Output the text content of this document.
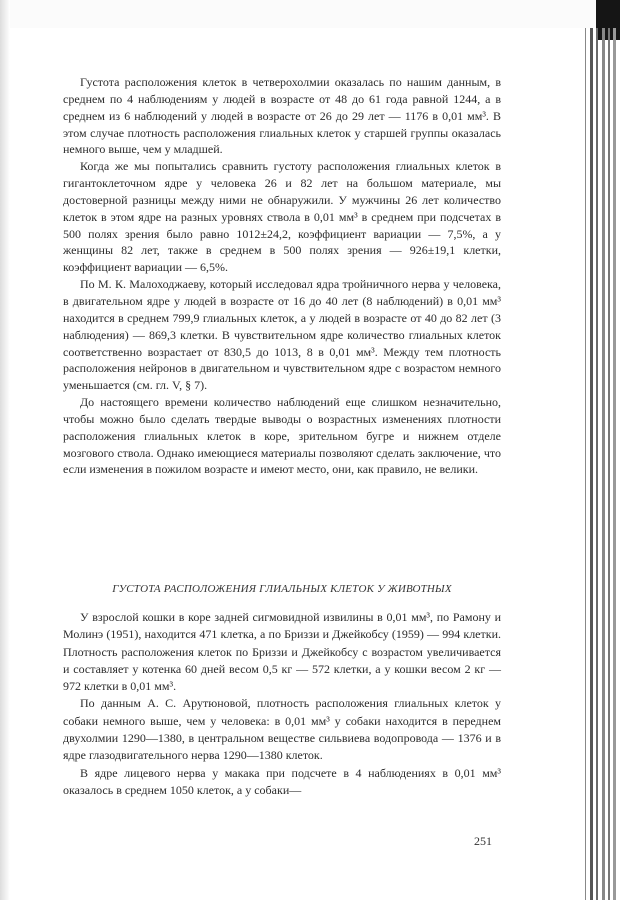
Густота расположения клеток в четверохолмии оказалась по нашим данным, в среднем по 4 наблюдениям у людей в возрасте от 48 до 61 года равной 1244, а в среднем из 6 наблюдений у людей в возрасте от 26 до 29 лет — 1176 в 0,01 мм³. В этом случае плотность расположения глиальных клеток у старшей группы оказалась немного выше, чем у младшей.

Когда же мы попытались сравнить густоту расположения глиальных клеток в гигантоклеточном ядре у человека 26 и 82 лет на большом материале, мы достоверной разницы между ними не обнаружили. У мужчины 26 лет количество клеток в этом ядре на разных уровнях ствола в 0,01 мм³ в среднем при подсчетах в 500 полях зрения было равно 1012±24,2, коэффициент вариации — 7,5%, а у женщины 82 лет, также в среднем в 500 полях зрения — 926±19,1 клетки, коэффициент вариации — 6,5%.

По М. К. Малоходжаеву, который исследовал ядра тройничного нерва у человека, в двигательном ядре у людей в возрасте от 16 до 40 лет (8 наблюдений) в 0,01 мм³ находится в среднем 799,9 глиальных клеток, а у людей в возрасте от 40 до 82 лет (3 наблюдения) — 869,3 клетки. В чувствительном ядре количество глиальных клеток соответственно возрастает от 830,5 до 1013, 8 в 0,01 мм³. Между тем плотность расположения нейронов в двигательном и чувствительном ядре с возрастом немного уменьшается (см. гл. V, § 7).

До настоящего времени количество наблюдений еще слишком незначительно, чтобы можно было сделать твердые выводы о возрастных изменениях плотности расположения глиальных клеток в коре, зрительном бугре и нижнем отделе мозгового ствола. Однако имеющиеся материалы позволяют сделать заключение, что если изменения в пожилом возрасте и имеют место, они, как правило, не велики.

ГУСТОТА РАСПОЛОЖЕНИЯ ГЛИАЛЬНЫХ КЛЕТОК У ЖИВОТНЫХ

У взрослой кошки в коре задней сигмовидной извилины в 0,01 мм³, по Рамону и Молинэ (1951), находится 471 клетка, а по Бриззи и Джейкобсу (1959) — 994 клетки. Плотность расположения клеток по Бриззи и Джейкобсу с возрастом увеличивается и составляет у котенка 60 дней весом 0,5 кг — 572 клетки, а у кошки весом 2 кг — 972 клетки в 0,01 мм³.

По данным А. С. Арутюновой, плотность расположения глиальных клеток у собаки немного выше, чем у человека: в 0,01 мм³ у собаки находится в переднем двухолмии 1290—1380, в центральном веществе сильвиева водопровода — 1376 и в ядре глазодвигательного нерва 1290—1380 клеток.

В ядре лицевого нерва у макака при подсчете в 4 наблюдениях в 0,01 мм³ оказалось в среднем 1050 клеток, а у собаки—

251
